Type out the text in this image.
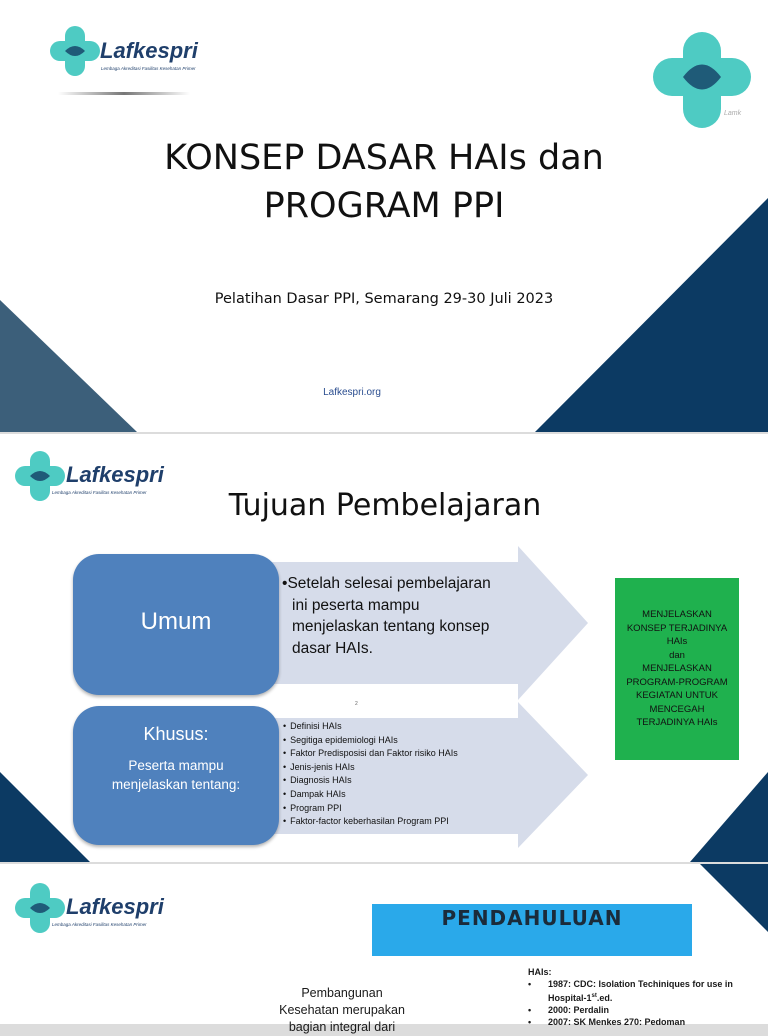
Lafkespri
Lembaga Akreditasi Fasilitas Kesehatan Primer
Lamk
KONSEP DASAR HAIs dan
PROGRAM PPI
Pelatihan Dasar PPI, Semarang 29-30 Juli 2023
Lafkespri.org
Lafkespri
Lembaga Akreditasi Fasilitas Kesehatan Primer	Tujuan Pembelajaran
Umum
•Setelah selesai pembelajaran
ini peserta mampu
menjelaskan tentang konsep
dasar HAIs.
2
Khusus:
Peserta mampu
menjelaskan tentang:
• Definisi HAIs
• Segitiga epidemiologi HAIs
• Faktor Predisposisi dan Faktor risiko HAIs
• Jenis-jenis HAIs
• Diagnosis HAIs
• Dampak HAIs
• Program PPI
• Faktor-factor keberhasilan Program PPI
MENJELASKAN
KONSEP TERJADINYA
HAIs
dan
MENJELASKAN
PROGRAM-PROGRAM
KEGIATAN UNTUK
MENCEGAH
TERJADINYA HAIs
Lafkespri
Lembaga Akreditasi Fasilitas Kesehatan Primer	PENDAHULUAN
Pembangunan
Kesehatan merupakan
bagian integral dari
HAIs:
•	1987: CDC: Isolation Techiniques for use in
Hospital-1st.ed.
•	2000: Perdalin
•	2007: SK Menkes 270: Pedoman
